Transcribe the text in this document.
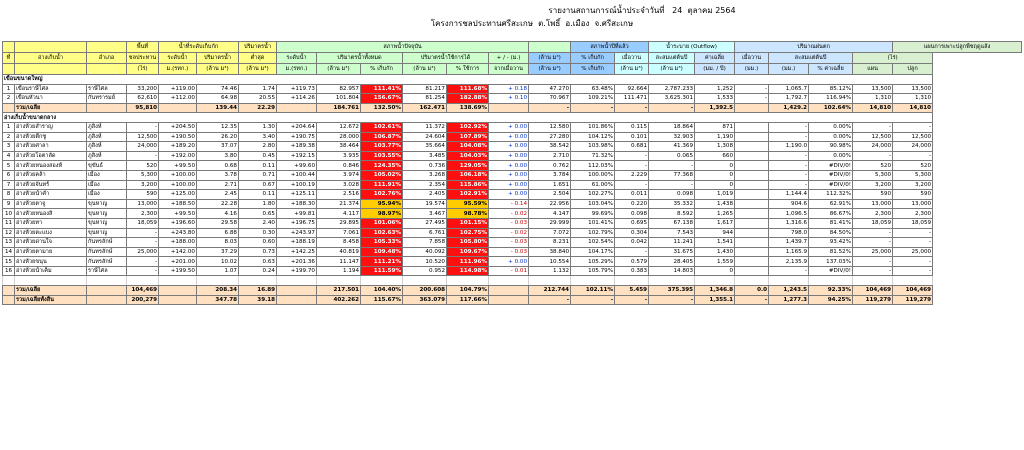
รายงานสถานการณ์น้ำประจำวันที่   24  ตุลาคม 2564
โครงการชลประทานศรีสะเกษ  ต.โพธิ์  อ.เมือง  จ.ศรีสะเกษ
			พื้นที่	น้ำที่ระดับเก็บกัก		ปริมาตรน้ำ	สภาพน้ำปัจจุบัน							สภาพน้ำปีที่แล้ว		น้ำระบาย (Outflow)		ปริมาณฝนตก				แผนการเพาะปลูกพืชฤดูแล้ง
ที่	อ่างเก็บน้ำ	อำเภอ	ชลประทาน	ระดับน้ำ	ปริมาตรน้ำ	ต่ำสุด	ระดับน้ำ	ปริมาตรน้ำทั้งหมด		ปริมาตรน้ำใช้การได้		+ / - (ม.)	(ล้าน ม³)	% เก็บกัก	เมื่อวาน	สะสมแต่ต้นปี	ค่าเฉลี่ย	เมื่อวาน	สะสมแต่ต้นปี		(ไร่)	
			(ไร่)	ม.(รทก.)	(ล้าน ม³)	(ล้าน ม³)	ม.(รทก.)	(ล้าน ม³)	% เก็บกัก	(ล้าน ม³)	% ใช้การ	จากเมื่อวาน	(ล้าน ม³)	% เก็บกัก	(ล้าน ม³)	(ล้าน ม³)	(มม. / ปี)	(มม.)	(มม.)	% ค่าเฉลี่ย	แผน	ปลูก
เขื่อนขนาดใหญ่																						
1	เขื่อนราษีไศล	ราษีไศล	33,200	+119.00	74.46	1.74	+119.73	82.957	111.41%	81.217	111.68%	+ 0.18	47.270	63.48%	92.664	2,787.233	1,252	-	1,065.7	85.12%	13,500	13,500
2	เขื่อนหัวนา	กันทรารมย์	62,610	+112.00	64.98	20.55	+114.26	101.804	156.67%	81.254	182.88%	+ 0.10	70.967	109.21%	111.471	3,625.301	1,533	-	1,792.7	116.94%	1,310	1,310
	รวม/เฉลี่ย		95,810		139.44	22.29		184.761	132.50%	162.471	138.69%		-	-	-	-	1,392.5		1,429.2	102.64%	14,810	14,810
อ่างเก็บน้ำขนาดกลาง																						
1	อ่างห้วยสำราญ	ภูสิงห์	-	+204.50	12.35	1.30	+204.64	12.672	102.61%	11.372	102.92%	+ 0.00	12.580	101.86%	0.115	18.864	871		-	0.00%	-	-
2	อ่างห้วยตึกชู	ภูสิงห์	12,500	+190.50	26.20	3.40	+190.75	28.000	106.87%	24.604	107.89%	+ 0.00	27.280	104.12%	0.101	32.903	1,190		-	0.00%	12,500	12,500
3	อ่างห้วยศาลา	ภูสิงห์	24,000	+189.20	37.07	2.80	+189.38	38.464	103.77%	35.664	104.08%	+ 0.00	38.542	103.98%	0.681	41.369	1,308		1,190.0	90.98%	24,000	24,000
4	อ่างห้วยโอตาลัด	ภูสิงห์	-	+192.00	3.80	0.45	+192.15	3.935	103.55%	3.485	104.03%	+ 0.00	2.710	71.32%	-	0.065	660		-	0.00%	-	-
5	อ่างห้วยหนองสองห้	ขุขันธ์	520	+99.50	0.68	0.11	+99.60	0.846	124.35%	0.736	129.05%	+ 0.00	0.762	112.03%	-	-	0		-	#DIV/0!	520	520
6	อ่างห้วยคล้า	เมือง	5,300	+100.00	3.78	0.71	+100.44	3.974	105.02%	3.268	106.18%	+ 0.00	3.784	100.00%	2.229	77.368	0		-	#DIV/0!	5,300	5,300
7	อ่างห้วยจันทร์	เมือง	3,200	+100.00	2.71	0.67	+100.19	3.028	111.91%	2.354	115.86%	+ 0.00	1.651	61.00%	-	-	0		-	#DIV/0!	3,200	3,200
8	อ่างห้วยน้ำคำ	เมือง	590	+125.00	2.45	0.11	+125.11	2.516	102.76%	2.405	102.91%	+ 0.00	2.504	102.27%	0.011	0.098	1,019		1,144.4	112.32%	590	590
9	อ่างห้วยตาจู	ขุนหาญ	13,000	+188.50	22.28	1.80	+188.30	21.374	95.94%	19.574	95.59%	- 0.14	22.956	103.04%	0.220	35.332	1,438		904.6	62.91%	13,000	13,000
10	อ่างห้วยหนองสิ	ขุนหาญ	2,300	+99.50	4.16	0.65	+99.81	4.117	98.97%	3.467	98.78%	- 0.02	4.147	99.69%	0.098	8.592	1,265		1,096.5	86.67%	2,300	2,300
11	อ่างห้วยทา	ขุนหาญ	18,059	+196.60	29.58	2.40	+196.75	29.895	101.06%	27.495	101.15%	- 0.03	29.999	101.41%	0.695	67.138	1,617		1,316.6	81.41%	18,059	18,059
12	อ่างห้วยตะแบง	ขุนหาญ	-	+243.80	6.88	0.30	+243.97	7.061	102.63%	6.761	102.75%	- 0.02	7.072	102.79%	0.304	7.543	944		798.0	84.50%	-	-
13	อ่างห้วยด่านใจ	กันทรลักษ์	-	+188.00	8.03	0.60	+188.19	8.458	105.33%	7.858	105.80%	- 0.03	8.231	102.54%	0.042	11.241	1,541		1,439.7	93.42%	-	-
14	อ่างห้วยตามาย	กันทรลักษ์	25,000	+142.00	37.29	0.73	+142.25	40.819	109.48%	40.092	109.67%	- 0.03	38.840	104.17%	-	31.675	1,430		1,165.9	81.52%	25,000	25,000
15	อ่างห้วยขนุน	กันทรลักษ์	-	+201.00	10.02	0.63	+201.36	11.147	111.21%	10.520	111.96%	+ 0.00	10.554	105.29%	0.579	28.405	1,559		2,135.9	137.03%	-	-
16	อ่างห้วยน้ำเค็ม	ราษีไศล	-	+199.50	1.07	0.24	+199.70	1.194	111.59%	0.952	114.98%	- 0.01	1.132	105.79%	0.383	14.803	0		-	#DIV/0!	-	-

	รวม/เฉลี่ย		104,469		208.34	16.89		217.501	104.40%	200.608	104.79%		212.744	102.11%	5.459	375.395	1,346.8	0.0	1,243.5	92.33%	104,469	104,469
	รวม/เฉลี่ยทั้งสิ้น		200,279		347.78	39.18		402.262	115.67%	363.079	117.66%		-	-	-	-	1,355.1	-	1,277.3	94.25%	119,279	119,279
